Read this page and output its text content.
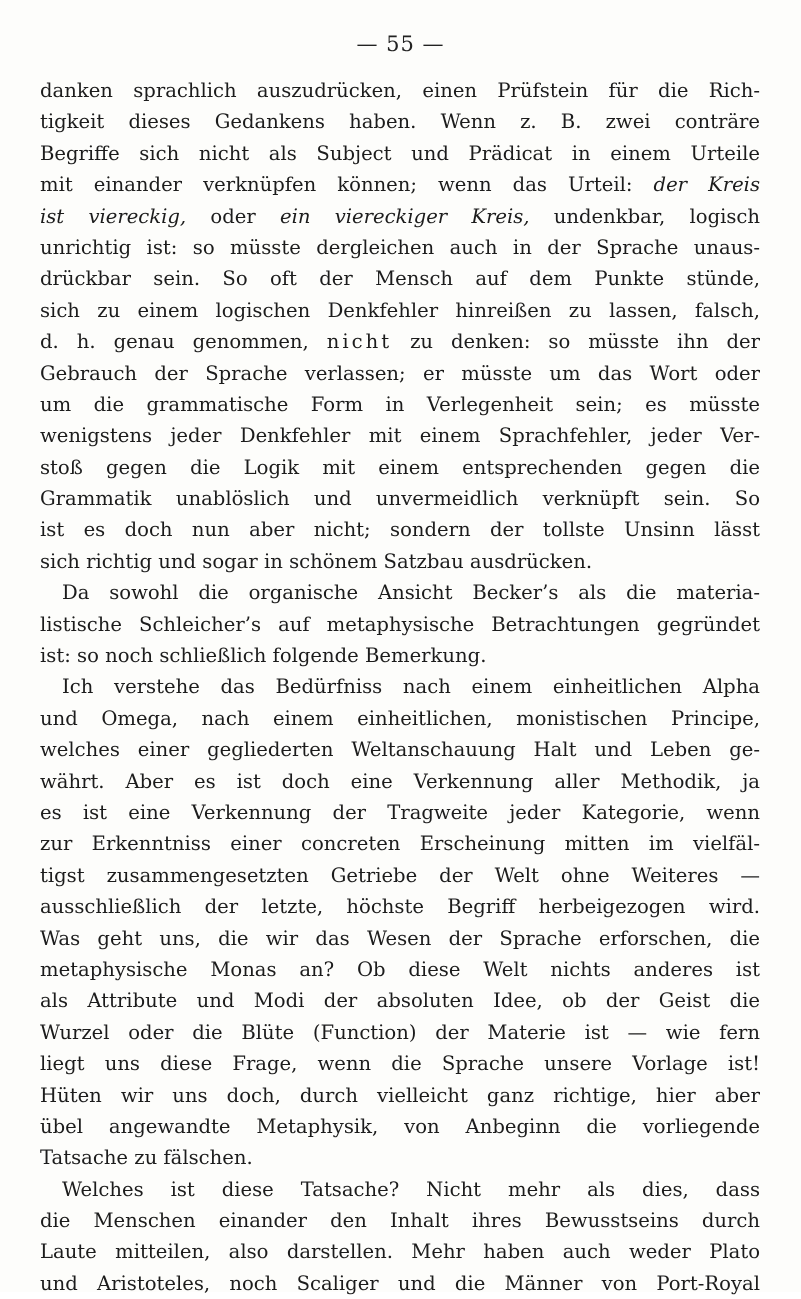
— 55 —
danken sprachlich auszudrücken, einen Prüfstein für die Rich-
tigkeit dieses Gedankens haben. Wenn z. B. zwei conträre
Begriffe sich nicht als Subject und Prädicat in einem Urteile
mit einander verknüpfen können; wenn das Urteil: der Kreis
ist viereckig, oder ein viereckiger Kreis, undenkbar, logisch
unrichtig ist: so müsste dergleichen auch in der Sprache unaus-
drückbar sein. So oft der Mensch auf dem Punkte stünde,
sich zu einem logischen Denkfehler hinreißen zu lassen, falsch,
d. h. genau genommen, nicht zu denken: so müsste ihn der
Gebrauch der Sprache verlassen; er müsste um das Wort oder
um die grammatische Form in Verlegenheit sein; es müsste
wenigstens jeder Denkfehler mit einem Sprachfehler, jeder Ver-
stoß gegen die Logik mit einem entsprechenden gegen die
Grammatik unablöslich und unvermeidlich verknüpft sein. So
ist es doch nun aber nicht; sondern der tollste Unsinn lässt
sich richtig und sogar in schönem Satzbau ausdrücken.
Da sowohl die organische Ansicht Becker’s als die materia-
listische Schleicher’s auf metaphysische Betrachtungen gegründet
ist: so noch schließlich folgende Bemerkung.
Ich verstehe das Bedürfniss nach einem einheitlichen Alpha
und Omega, nach einem einheitlichen, monistischen Principe,
welches einer gegliederten Weltanschauung Halt und Leben ge-
währt. Aber es ist doch eine Verkennung aller Methodik, ja
es ist eine Verkennung der Tragweite jeder Kategorie, wenn
zur Erkenntniss einer concreten Erscheinung mitten im vielfäl-
tigst zusammengesetzten Getriebe der Welt ohne Weiteres —
ausschließlich der letzte, höchste Begriff herbeigezogen wird.
Was geht uns, die wir das Wesen der Sprache erforschen, die
metaphysische Monas an? Ob diese Welt nichts anderes ist
als Attribute und Modi der absoluten Idee, ob der Geist die
Wurzel oder die Blüte (Function) der Materie ist — wie fern
liegt uns diese Frage, wenn die Sprache unsere Vorlage ist!
Hüten wir uns doch, durch vielleicht ganz richtige, hier aber
übel angewandte Metaphysik, von Anbeginn die vorliegende
Tatsache zu fälschen.
Welches ist diese Tatsache? Nicht mehr als dies, dass
die Menschen einander den Inhalt ihres Bewusstseins durch
Laute mitteilen, also darstellen. Mehr haben auch weder Plato
und Aristoteles, noch Scaliger und die Männer von Port-Royal
